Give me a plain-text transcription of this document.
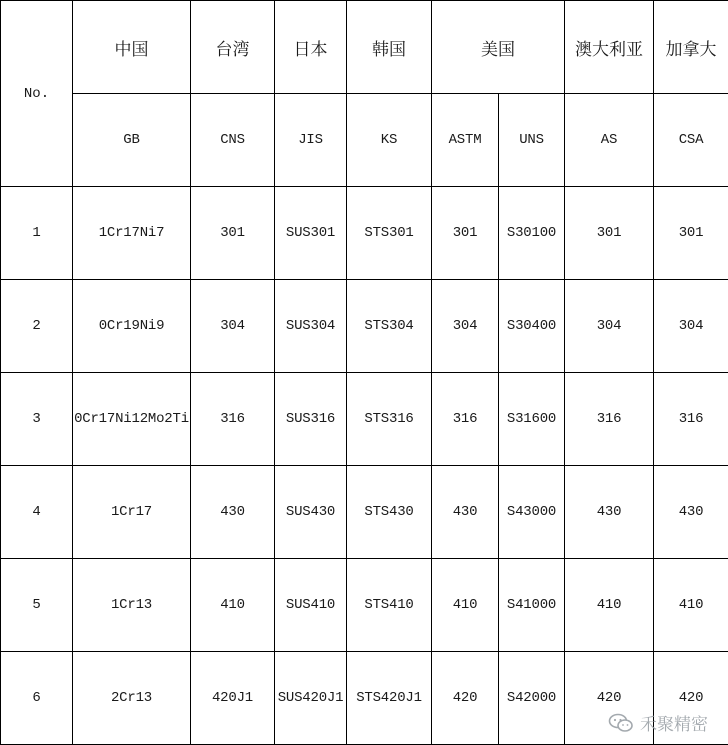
No.	中国	台湾	日本	韩国	美国		澳大利亚	加拿大
	GB	CNS	JIS	KS	ASTM	UNS	AS	CSA
1	1Cr17Ni7	301	SUS301	STS301	301	S30100	301	301
2	0Cr19Ni9	304	SUS304	STS304	304	S30400	304	304
3	0Cr17Ni12Mo2Ti	316	SUS316	STS316	316	S31600	316	316
4	1Cr17	430	SUS430	STS430	430	S43000	430	430
5	1Cr13	410	SUS410	STS410	410	S41000	410	410
6	2Cr13	420J1	SUS420J1	STS420J1	420	S42000	420	420
禾聚精密
